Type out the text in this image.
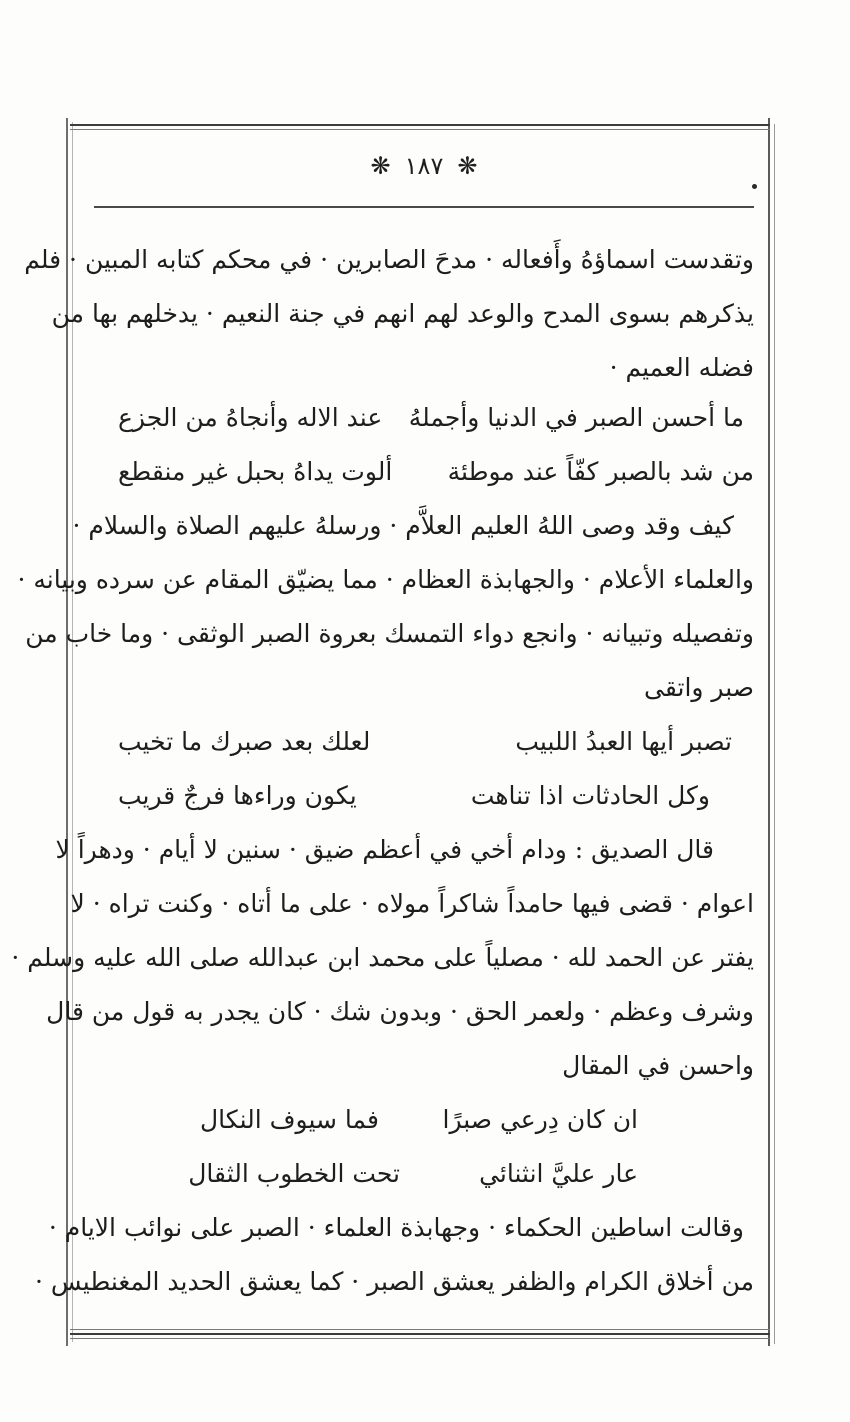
❋ ١٨٧ ❋
وتقدست اسماؤهُ وأَفعاله · مدحَ الصابرين · في محكم كتابه المبين · فلم
يذكرهم بسوى المدح والوعد لهم انهم في جنة النعيم · يدخلهم بها من
فضله العميم ·
ما أحسن الصبر في الدنيا وأجملهُ
عند الاله وأنجاهُ من الجزع
من شد بالصبر كفّاً عند موطئة
ألوت يداهُ بحبل غير منقطع
كيف وقد وصى اللهُ العليم العلاَّم · ورسلهُ عليهم الصلاة والسلام ·
والعلماء الأعلام · والجهابذة العظام · مما يضيّق المقام عن سرده وبيانه ·
وتفصيله وتبيانه · وانجع دواء التمسك بعروة الصبر الوثقى · وما خاب من
صبر واتقى
تصبر أيها العبدُ اللبيب
لعلك بعد صبرك ما تخيب
وكل الحادثات اذا تناهت
يكون وراءها فرجٌ قريب
قال الصديق : ودام أخي في أعظم ضيق · سنين لا أيام · ودهراً لا
اعوام · قضى فيها حامداً شاكراً مولاه · على ما أتاه · وكنت تراه · لا
يفتر عن الحمد لله · مصلياً على محمد ابن عبدالله صلى الله عليه وسلم ·
وشرف وعظم · ولعمر الحق · وبدون شك · كان يجدر به قول من قال
واحسن في المقال
ان كان دِرعي صبرًا
فما سيوف النكال
عار عليَّ انثنائي
تحت الخطوب الثقال
وقالت اساطين الحكماء · وجهابذة العلماء · الصبر على نوائب الايام ·
من أخلاق الكرام والظفر يعشق الصبر · كما يعشق الحديد المغنطيس ·
